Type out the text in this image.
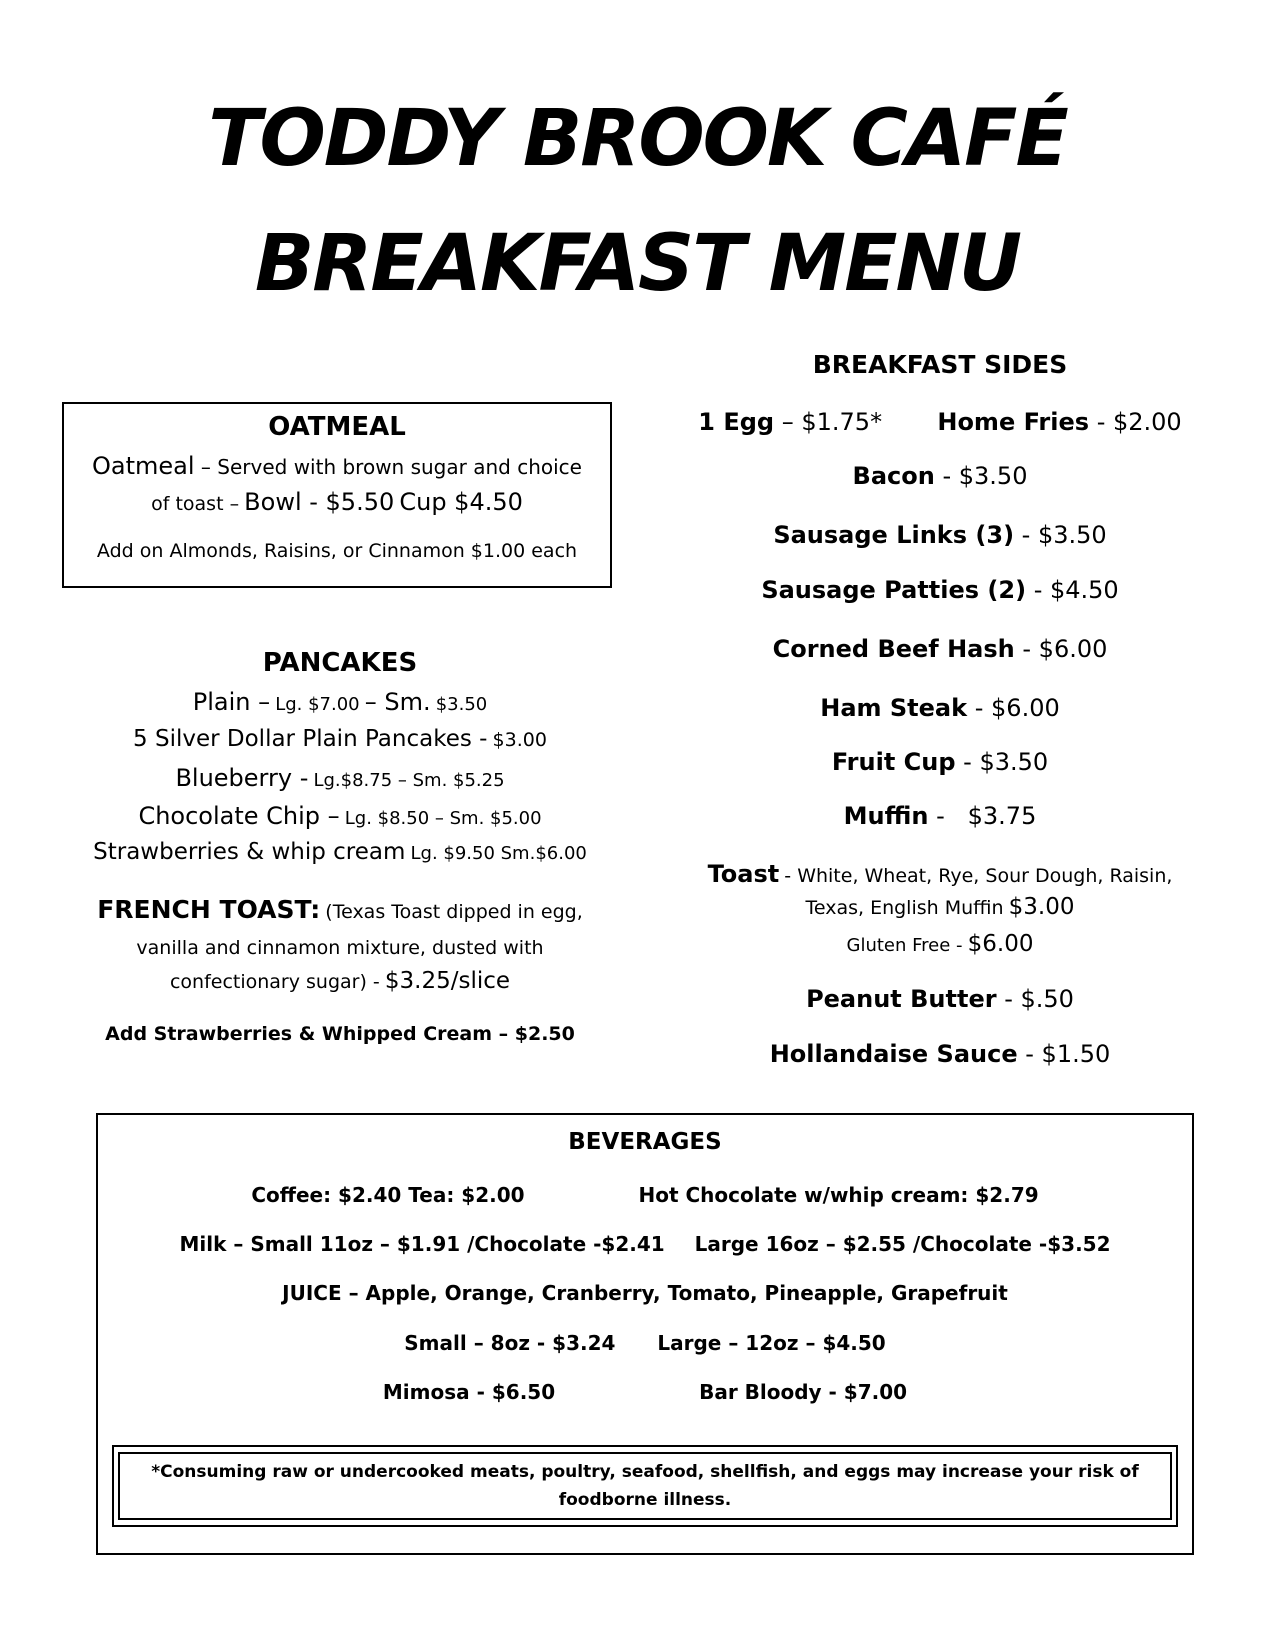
TODDY BROOK CAFÉ
BREAKFAST MENU
OATMEAL
Oatmeal – Served with brown sugar and choice
of toast – Bowl - $5.50 Cup $4.50
Add on Almonds, Raisins, or Cinnamon $1.00 each
PANCAKES
Plain – Lg. $7.00 – Sm. $3.50
5 Silver Dollar Plain Pancakes - $3.00
Blueberry - Lg.$8.75 – Sm. $5.25
Chocolate Chip – Lg. $8.50 – Sm. $5.00
Strawberries & whip cream Lg. $9.50 Sm.$6.00
FRENCH TOAST: (Texas Toast dipped in egg,
vanilla and cinnamon mixture, dusted with
confectionary sugar) - $3.25/slice
Add Strawberries & Whipped Cream – $2.50
BREAKFAST SIDES
1 Egg – $1.75* Home Fries - $2.00
Bacon - $3.50
Sausage Links (3) - $3.50
Sausage Patties (2) - $4.50
Corned Beef Hash - $6.00
Ham Steak - $6.00
Fruit Cup - $3.50
Muffin -   $3.75
Toast - White, Wheat, Rye, Sour Dough, Raisin,
Texas, English Muffin $3.00
Gluten Free - $6.00
Peanut Butter - $.50
Hollandaise Sauce - $1.50
BEVERAGES
Coffee: $2.40 Tea: $2.00	Hot Chocolate w/whip cream: $2.79
Milk – Small 11oz – $1.91 /Chocolate -$2.41 Large 16oz – $2.55 /Chocolate -$3.52
JUICE – Apple, Orange, Cranberry, Tomato, Pineapple, Grapefruit
Small – 8oz - $3.24 Large – 12oz – $4.50
Mimosa - $6.50	Bar Bloody - $7.00
*Consuming raw or undercooked meats, poultry, seafood, shellfish, and eggs may increase your risk of foodborne illness.
